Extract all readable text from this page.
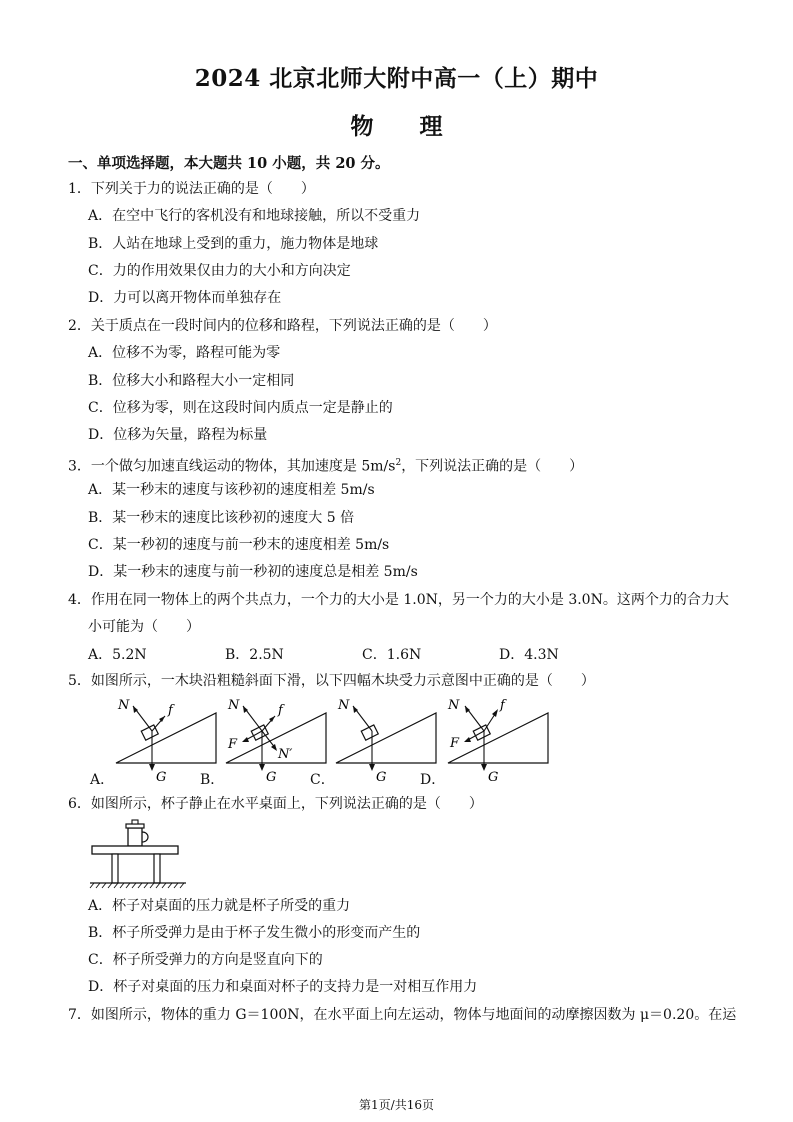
2024 北京北师大附中高一（上）期中
物　　理
一、单项选择题，本大题共 10 小题，共 20 分。
1．下列关于力的说法正确的是（　　）
A．在空中飞行的客机没有和地球接触，所以不受重力
B．人站在地球上受到的重力，施力物体是地球
C．力的作用效果仅由力的大小和方向决定
D．力可以离开物体而单独存在
2．关于质点在一段时间内的位移和路程，下列说法正确的是（　　）
A．位移不为零，路程可能为零
B．位移大小和路程大小一定相同
C．位移为零，则在这段时间内质点一定是静止的
D．位移为矢量，路程为标量
3．一个做匀加速直线运动的物体，其加速度是 $5m/s^2$，下列说法正确的是（　　）
A．某一秒末的速度与该秒初的速度相差 5m/s
B．某一秒末的速度比该秒初的速度大 5 倍
C．某一秒初的速度与前一秒末的速度相差 5m/s
D．某一秒末的速度与前一秒初的速度总是相差 5m/s
4．作用在同一物体上的两个共点力，一个力的大小是 1.0N，另一个力的大小是 3.0N。这两个力的合力大
小可能为（　　）
A．5.2N	B．2.5N	C．1.6N	D．4.3N
5．如图所示，一木块沿粗糙斜面下滑，以下四幅木块受力示意图中正确的是（　　）
A．
N	f
G B．
N	f
F
N′
G C．
N
G D．
N	f
F
G
6．如图所示，杯子静止在水平桌面上，下列说法正确的是（　　）
A．杯子对桌面的压力就是杯子所受的重力
B．杯子所受弹力是由于杯子发生微小的形变而产生的
C．杯子所受弹力的方向是竖直向下的
D．杯子对桌面的压力和桌面对杯子的支持力是一对相互作用力
7．如图所示，物体的重力 G＝100N，在水平面上向左运动，物体与地面间的动摩擦因数为 μ＝0.20。在运
第1页/共16页
